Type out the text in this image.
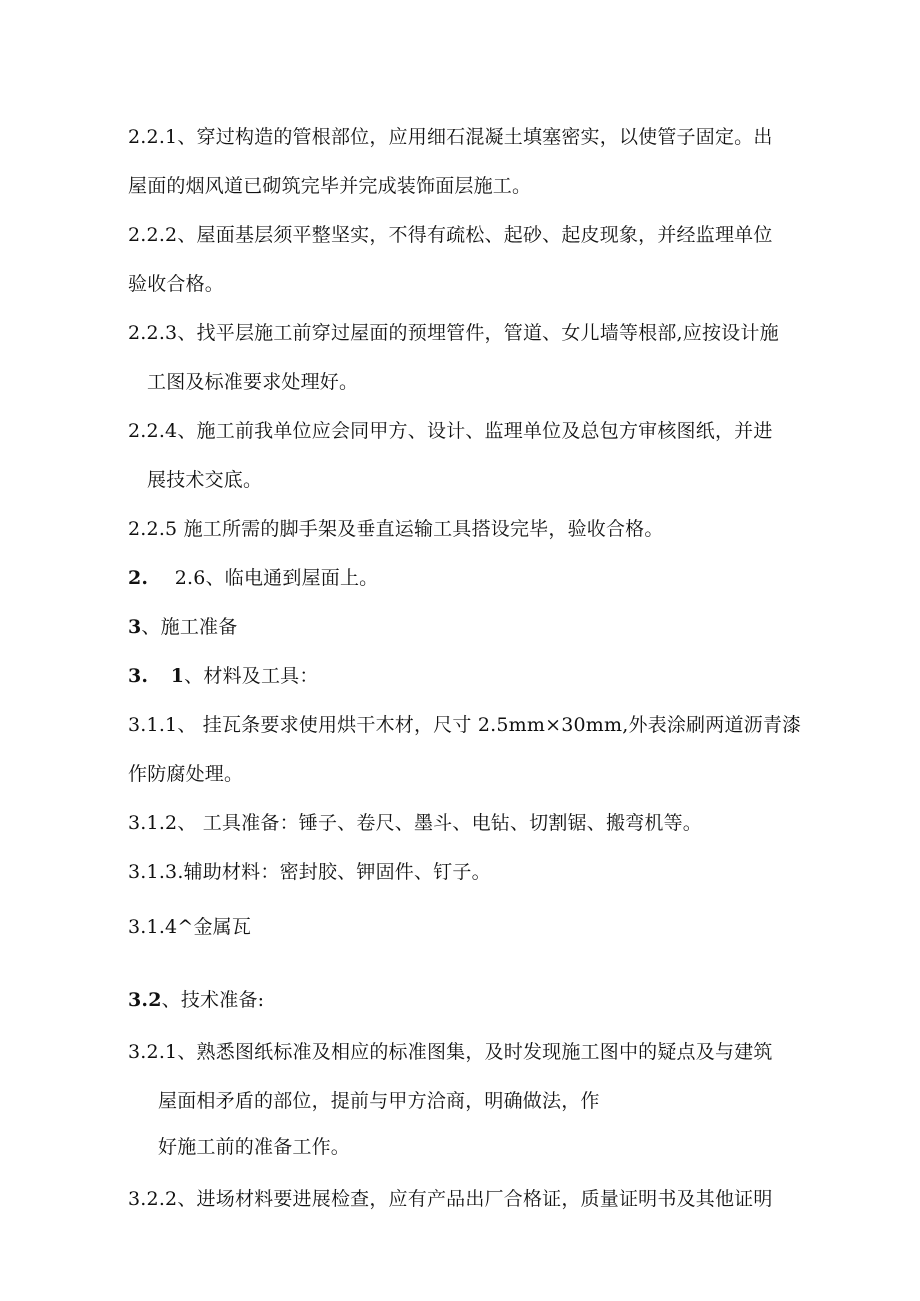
2.2.1、穿过构造的管根部位，应用细石混凝土填塞密实，以使管子固定。出
屋面的烟风道已砌筑完毕并完成装饰面层施工。
2.2.2、屋面基层须平整坚实，不得有疏松、起砂、起皮现象，并经监理单位
验收合格。
2.2.3、找平层施工前穿过屋面的预埋管件，管道、女儿墙等根部,应按设计施
工图及标准要求处理好。
2.2.4、施工前我单位应会同甲方、设计、监理单位及总包方审核图纸，并进
展技术交底。
2.2.5 施工所需的脚手架及垂直运输工具搭设完毕，验收合格。
2. 2.6、临电通到屋面上。
3、施工准备
3. 1、材料及工具：
3.1.1、 挂瓦条要求使用烘干木材，尺寸 2.5mm×30mm,外表涂刷两道沥青漆
作防腐处理。
3.1.2、 工具准备：锤子、卷尺、墨斗、电钻、切割锯、搬弯机等。
3.1.3.辅助材料：密封胶、钾固件、钉子。
3.1.4^金属瓦
3.2、技术准备:
3.2.1、熟悉图纸标准及相应的标准图集，及时发现施工图中的疑点及与建筑
屋面相矛盾的部位，提前与甲方洽商，明确做法，作
好施工前的准备工作。
3.2.2、进场材料要进展检查，应有产品出厂合格证，质量证明书及其他证明
